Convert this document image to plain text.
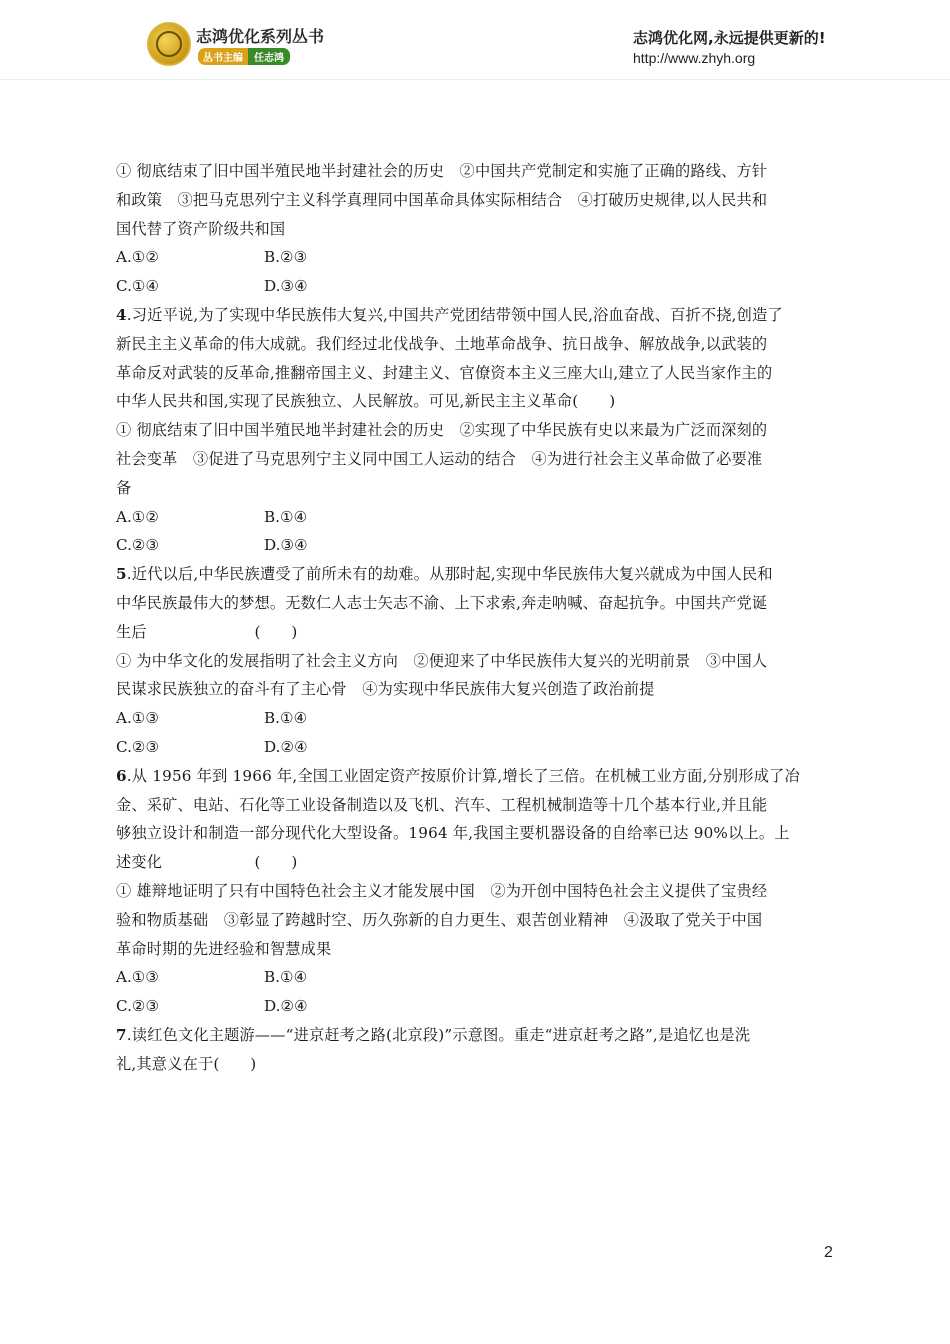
志鸿优化系列丛书
丛书主编	任志鸿
志鸿优化网,永远提供更新的!
http://www.zhyh.org
① 彻底结束了旧中国半殖民地半封建社会的历史　②中国共产党制定和实施了正确的路线、方针
和政策　③把马克思列宁主义科学真理同中国革命具体实际相结合　④打破历史规律,以人民共和
国代替了资产阶级共和国
A.①②	B.②③
C.①④	D.③④
4.习近平说,为了实现中华民族伟大复兴,中国共产党团结带领中国人民,浴血奋战、百折不挠,创造了
新民主主义革命的伟大成就。我们经过北伐战争、土地革命战争、抗日战争、解放战争,以武装的
革命反对武装的反革命,推翻帝国主义、封建主义、官僚资本主义三座大山,建立了人民当家作主的
中华人民共和国,实现了民族独立、人民解放。可见,新民主主义革命(　　)
① 彻底结束了旧中国半殖民地半封建社会的历史　②实现了中华民族有史以来最为广泛而深刻的
社会变革　③促进了马克思列宁主义同中国工人运动的结合　④为进行社会主义革命做了必要准
备
A.①②	B.①④
C.②③	D.③④
5.近代以后,中华民族遭受了前所未有的劫难。从那时起,实现中华民族伟大复兴就成为中国人民和
中华民族最伟大的梦想。无数仁人志士矢志不渝、上下求索,奔走呐喊、奋起抗争。中国共产党诞
生后　　　　　　　(　　)
① 为中华文化的发展指明了社会主义方向　②便迎来了中华民族伟大复兴的光明前景　③中国人
民谋求民族独立的奋斗有了主心骨　④为实现中华民族伟大复兴创造了政治前提
A.①③	B.①④
C.②③	D.②④
6.从 1956 年到 1966 年,全国工业固定资产按原价计算,增长了三倍。在机械工业方面,分别形成了冶
金、采矿、电站、石化等工业设备制造以及飞机、汽车、工程机械制造等十几个基本行业,并且能
够独立设计和制造一部分现代化大型设备。1964 年,我国主要机器设备的自给率已达 90%以上。上
述变化　　　　　　(　　)
① 雄辩地证明了只有中国特色社会主义才能发展中国　②为开创中国特色社会主义提供了宝贵经
验和物质基础　③彰显了跨越时空、历久弥新的自力更生、艰苦创业精神　④汲取了党关于中国
革命时期的先进经验和智慧成果
A.①③	B.①④
C.②③	D.②④
7.读红色文化主题游——“进京赶考之路(北京段)”示意图。重走“进京赶考之路”,是追忆也是洗
礼,其意义在于(　　)
2
